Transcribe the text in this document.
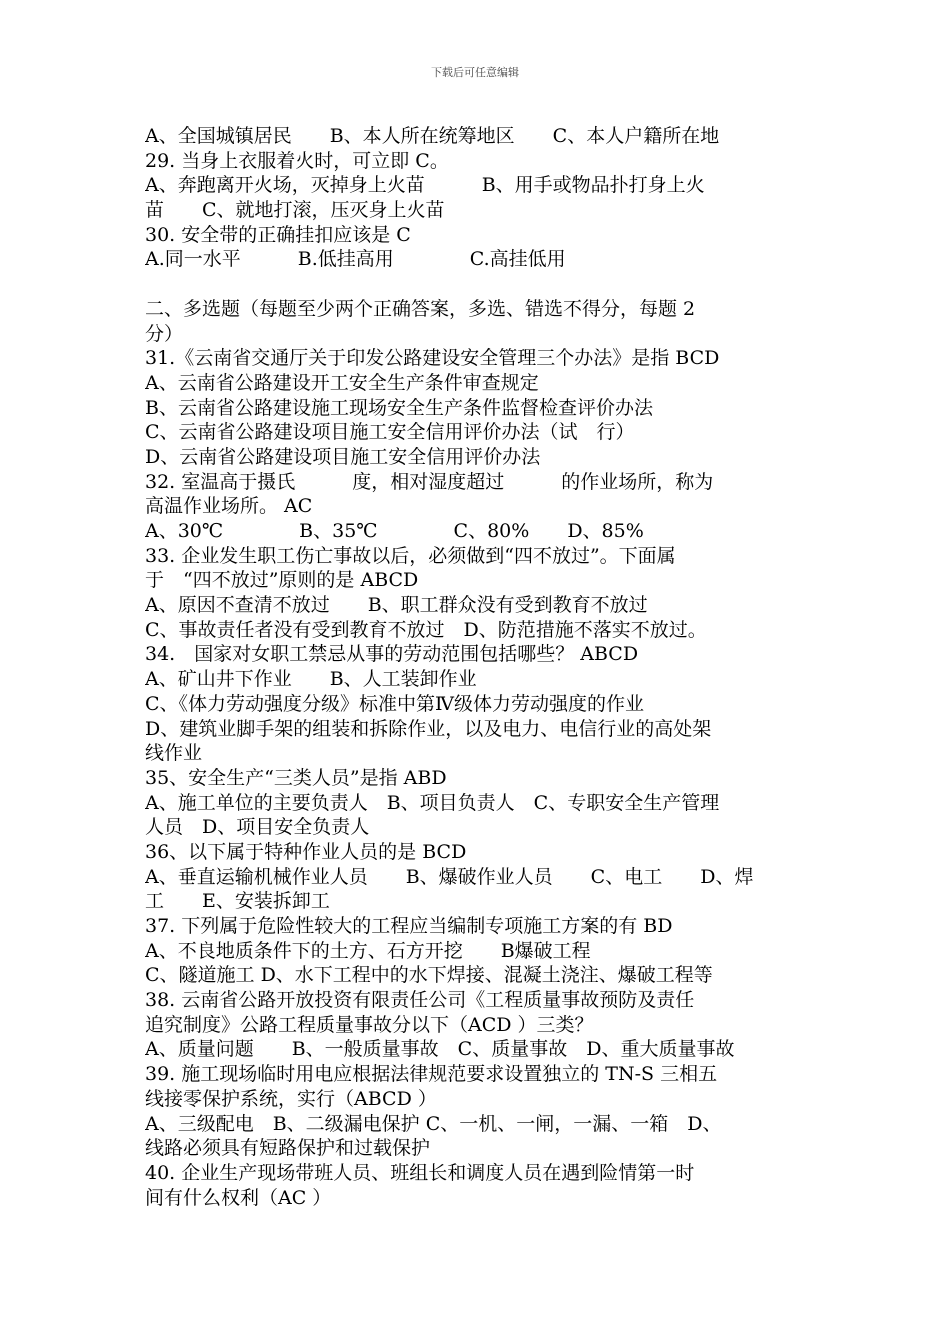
下载后可任意编辑
A、全国城镇居民　　B、本人所在统筹地区　　C、本人户籍所在地
29. 当身上衣服着火时，可立即 C。
A、奔跑离开火场，灭掉身上火苗　　　B、用手或物品扑打身上火
苗　　C、就地打滚，压灭身上火苗
30. 安全带的正确挂扣应该是 C
A.同一水平　　　B.低挂高用　　　　C.高挂低用
二、多选题（每题至少两个正确答案，多选、错选不得分，每题 2
分）
31.《云南省交通厅关于印发公路建设安全管理三个办法》是指 BCD
A、云南省公路建设开工安全生产条件审查规定
B、云南省公路建设施工现场安全生产条件监督检查评价办法
C、云南省公路建设项目施工安全信用评价办法（试　行）
D、云南省公路建设项目施工安全信用评价办法
32. 室温高于摄氏　　　度，相对湿度超过　　　的作业场所，称为
高温作业场所。 AC
A、30℃　　　　B、35℃　　　　C、80%　　D、85%
33. 企业发生职工伤亡事故以后，必须做到“四不放过”。下面属
于　“四不放过”原则的是 ABCD
A、原因不查清不放过　　B、职工群众没有受到教育不放过
C、事故责任者没有受到教育不放过　D、防范措施不落实不放过。
34.　国家对女职工禁忌从事的劳动范围包括哪些？ ABCD
A、矿山井下作业　　B、人工装卸作业
C、《体力劳动强度分级》标准中第Ⅳ级体力劳动强度的作业
D、建筑业脚手架的组装和拆除作业，以及电力、电信行业的高处架
线作业
35、安全生产“三类人员”是指 ABD
A、施工单位的主要负责人　B、项目负责人　C、专职安全生产管理
人员　D、项目安全负责人
36、以下属于特种作业人员的是 BCD
A、垂直运输机械作业人员　　B、爆破作业人员　　C、电工　　D、焊
工　　E、安装拆卸工
37. 下列属于危险性较大的工程应当编制专项施工方案的有 BD
A、不良地质条件下的土方、石方开挖　　B爆破工程
C、隧道施工 D、水下工程中的水下焊接、混凝土浇注、爆破工程等
38. 云南省公路开放投资有限责任公司《工程质量事故预防及责任
追究制度》公路工程质量事故分以下（ACD ）三类？
A、质量问题　　B、一般质量事故　C、质量事故　D、重大质量事故
39. 施工现场临时用电应根据法律规范要求设置独立的 TN-S 三相五
线接零保护系统，实行（ABCD ）
A、三级配电　B、二级漏电保护 C、一机、一闸，一漏、一箱　D、
线路必须具有短路保护和过载保护
40. 企业生产现场带班人员、班组长和调度人员在遇到险情第一时
间有什么权利（AC ）
